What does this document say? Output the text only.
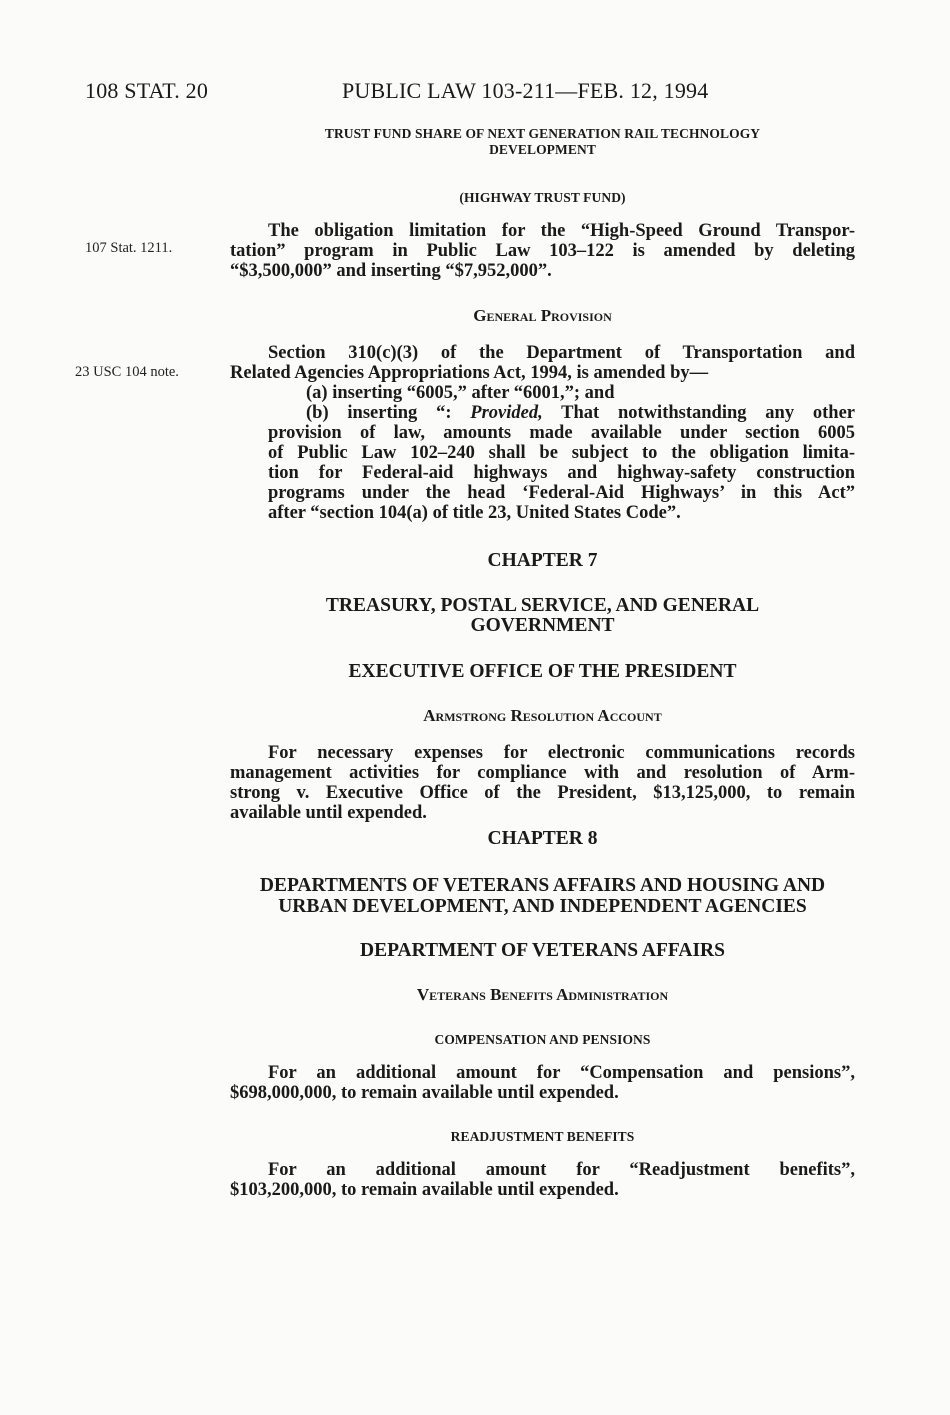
108 STAT. 20	PUBLIC LAW 103-211—FEB. 12, 1994
TRUST FUND SHARE OF NEXT GENERATION RAIL TECHNOLOGY
DEVELOPMENT
(HIGHWAY TRUST FUND)
107 Stat. 1211.
The obligation limitation for the “High-Speed Ground Transpor-
tation” program in Public Law 103–122 is amended by deleting
“$3,500,000” and inserting “$7,952,000”.
General Provision
23 USC 104 note.
Section 310(c)(3) of the Department of Transportation and
Related Agencies Appropriations Act, 1994, is amended by—
(a) inserting “6005,” after “6001,”; and
(b) inserting “: Provided, That notwithstanding any other
provision of law, amounts made available under section 6005
of Public Law 102–240 shall be subject to the obligation limita-
tion for Federal-aid highways and highway-safety construction
programs under the head ‘Federal-Aid Highways’ in this Act”
after “section 104(a) of title 23, United States Code”.
CHAPTER 7
TREASURY, POSTAL SERVICE, AND GENERAL
GOVERNMENT
EXECUTIVE OFFICE OF THE PRESIDENT
Armstrong Resolution Account
For necessary expenses for electronic communications records
management activities for compliance with and resolution of Arm-
strong v. Executive Office of the President, $13,125,000, to remain
available until expended.
CHAPTER 8
DEPARTMENTS OF VETERANS AFFAIRS AND HOUSING AND
URBAN DEVELOPMENT, AND INDEPENDENT AGENCIES
DEPARTMENT OF VETERANS AFFAIRS
Veterans Benefits Administration
COMPENSATION AND PENSIONS
For an additional amount for “Compensation and pensions”,
$698,000,000, to remain available until expended.
READJUSTMENT BENEFITS
For an additional amount for “Readjustment benefits”,
$103,200,000, to remain available until expended.
